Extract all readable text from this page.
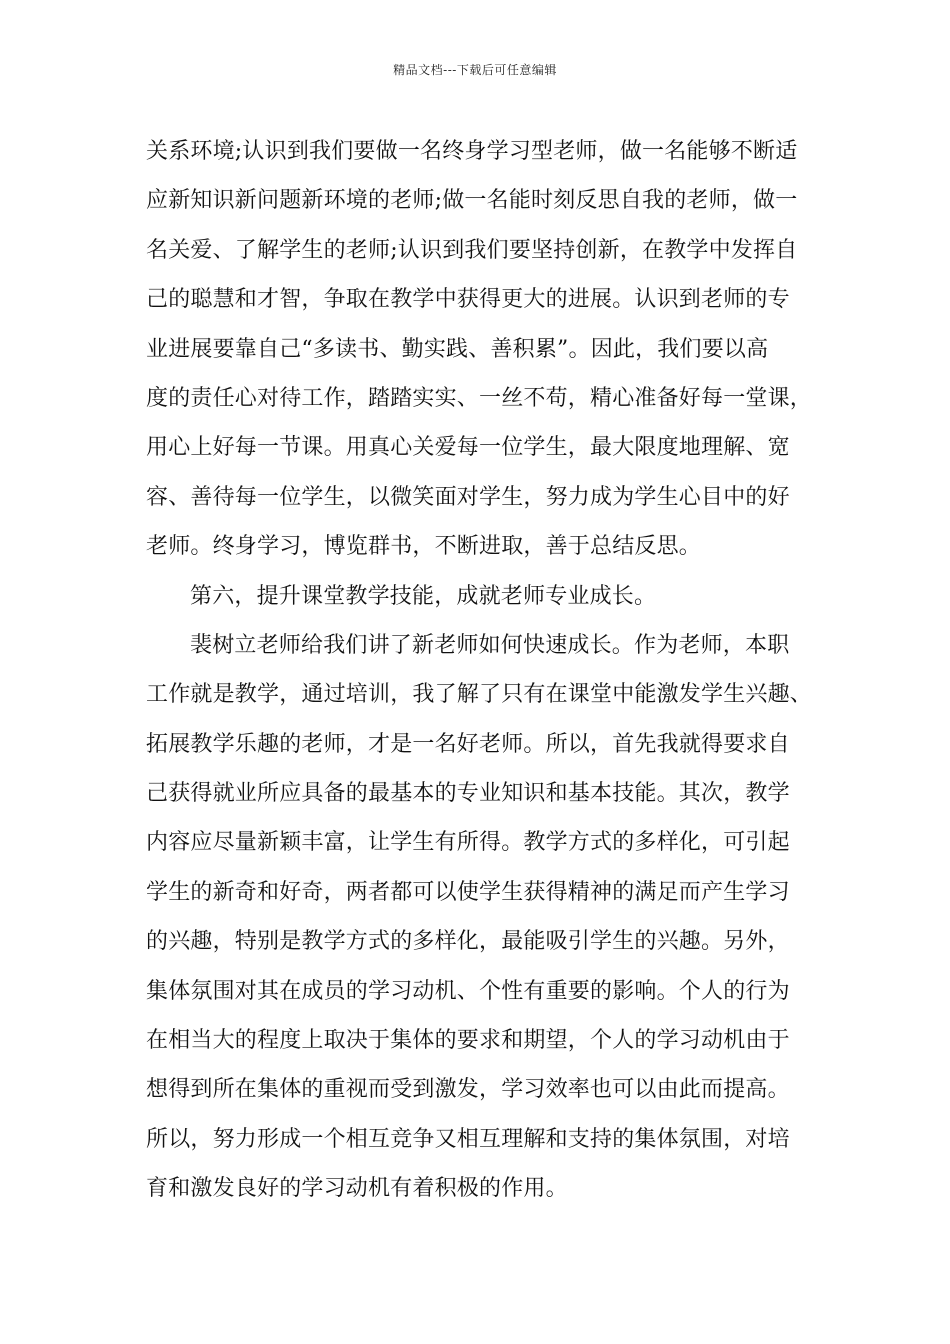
精品文档---下载后可任意编辑
关系环境;认识到我们要做一名终身学习型老师，做一名能够不断适
应新知识新问题新环境的老师;做一名能时刻反思自我的老师，做一
名关爱、了解学生的老师;认识到我们要坚持创新，在教学中发挥自
己的聪慧和才智，争取在教学中获得更大的进展。认识到老师的专
业进展要靠自己“多读书、勤实践、善积累”。因此，我们要以高
度的责任心对待工作，踏踏实实、一丝不苟，精心准备好每一堂课，
用心上好每一节课。用真心关爱每一位学生，最大限度地理解、宽
容、善待每一位学生，以微笑面对学生，努力成为学生心目中的好
老师。终身学习，博览群书，不断进取，善于总结反思。
第六，提升课堂教学技能，成就老师专业成长。
裴树立老师给我们讲了新老师如何快速成长。作为老师，本职
工作就是教学，通过培训，我了解了只有在课堂中能激发学生兴趣、
拓展教学乐趣的老师，才是一名好老师。所以，首先我就得要求自
己获得就业所应具备的最基本的专业知识和基本技能。其次，教学
内容应尽量新颖丰富，让学生有所得。教学方式的多样化，可引起
学生的新奇和好奇，两者都可以使学生获得精神的满足而产生学习
的兴趣，特别是教学方式的多样化，最能吸引学生的兴趣。另外，
集体氛围对其在成员的学习动机、个性有重要的影响。个人的行为
在相当大的程度上取决于集体的要求和期望，个人的学习动机由于
想得到所在集体的重视而受到激发，学习效率也可以由此而提高。
所以，努力形成一个相互竞争又相互理解和支持的集体氛围，对培
育和激发良好的学习动机有着积极的作用。
